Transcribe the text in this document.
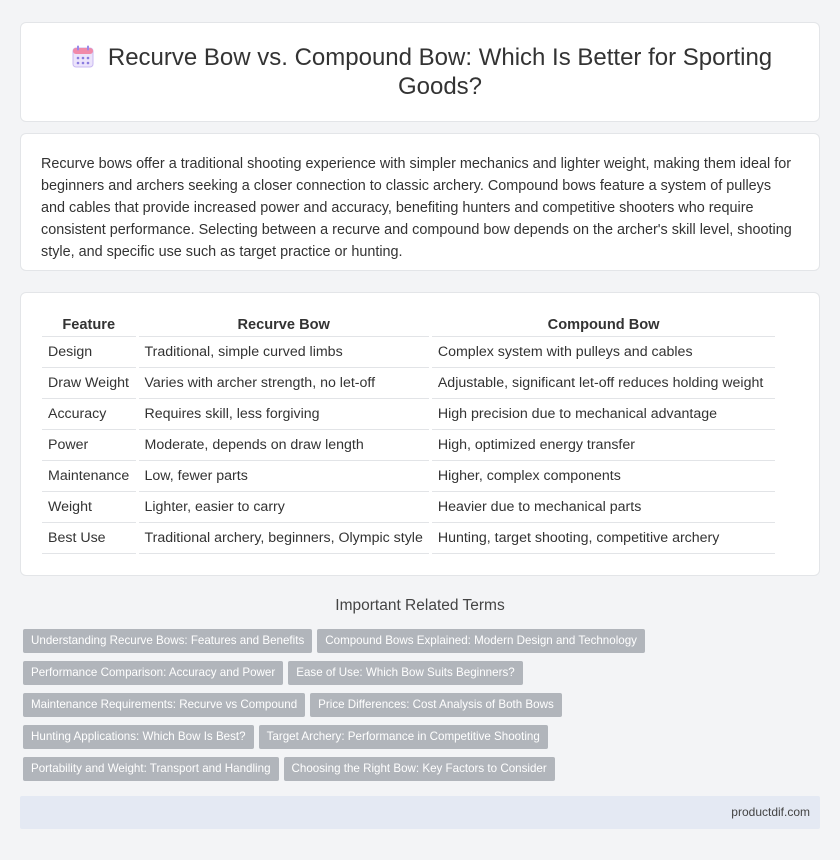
Recurve Bow vs. Compound Bow: Which Is Better for Sporting Goods?

Recurve bows offer a traditional shooting experience with simpler mechanics and lighter weight, making them ideal for beginners and archers seeking a closer connection to classic archery. Compound bows feature a system of pulleys and cables that provide increased power and accuracy, benefiting hunters and competitive shooters who require consistent performance. Selecting between a recurve and compound bow depends on the archer's skill level, shooting style, and specific use such as target practice or hunting.

Feature	Recurve Bow	Compound Bow
Design	Traditional, simple curved limbs	Complex system with pulleys and cables
Draw Weight	Varies with archer strength, no let-off	Adjustable, significant let-off reduces holding weight
Accuracy	Requires skill, less forgiving	High precision due to mechanical advantage
Power	Moderate, depends on draw length	High, optimized energy transfer
Maintenance	Low, fewer parts	Higher, complex components
Weight	Lighter, easier to carry	Heavier due to mechanical parts
Best Use	Traditional archery, beginners, Olympic style	Hunting, target shooting, competitive archery
Important Related Terms
Understanding Recurve Bows: Features and Benefits Compound Bows Explained: Modern Design and Technology
Performance Comparison: Accuracy and Power Ease of Use: Which Bow Suits Beginners?
Maintenance Requirements: Recurve vs Compound Price Differences: Cost Analysis of Both Bows
Hunting Applications: Which Bow Is Best? Target Archery: Performance in Competitive Shooting
Portability and Weight: Transport and Handling Choosing the Right Bow: Key Factors to Consider
productdif.com
